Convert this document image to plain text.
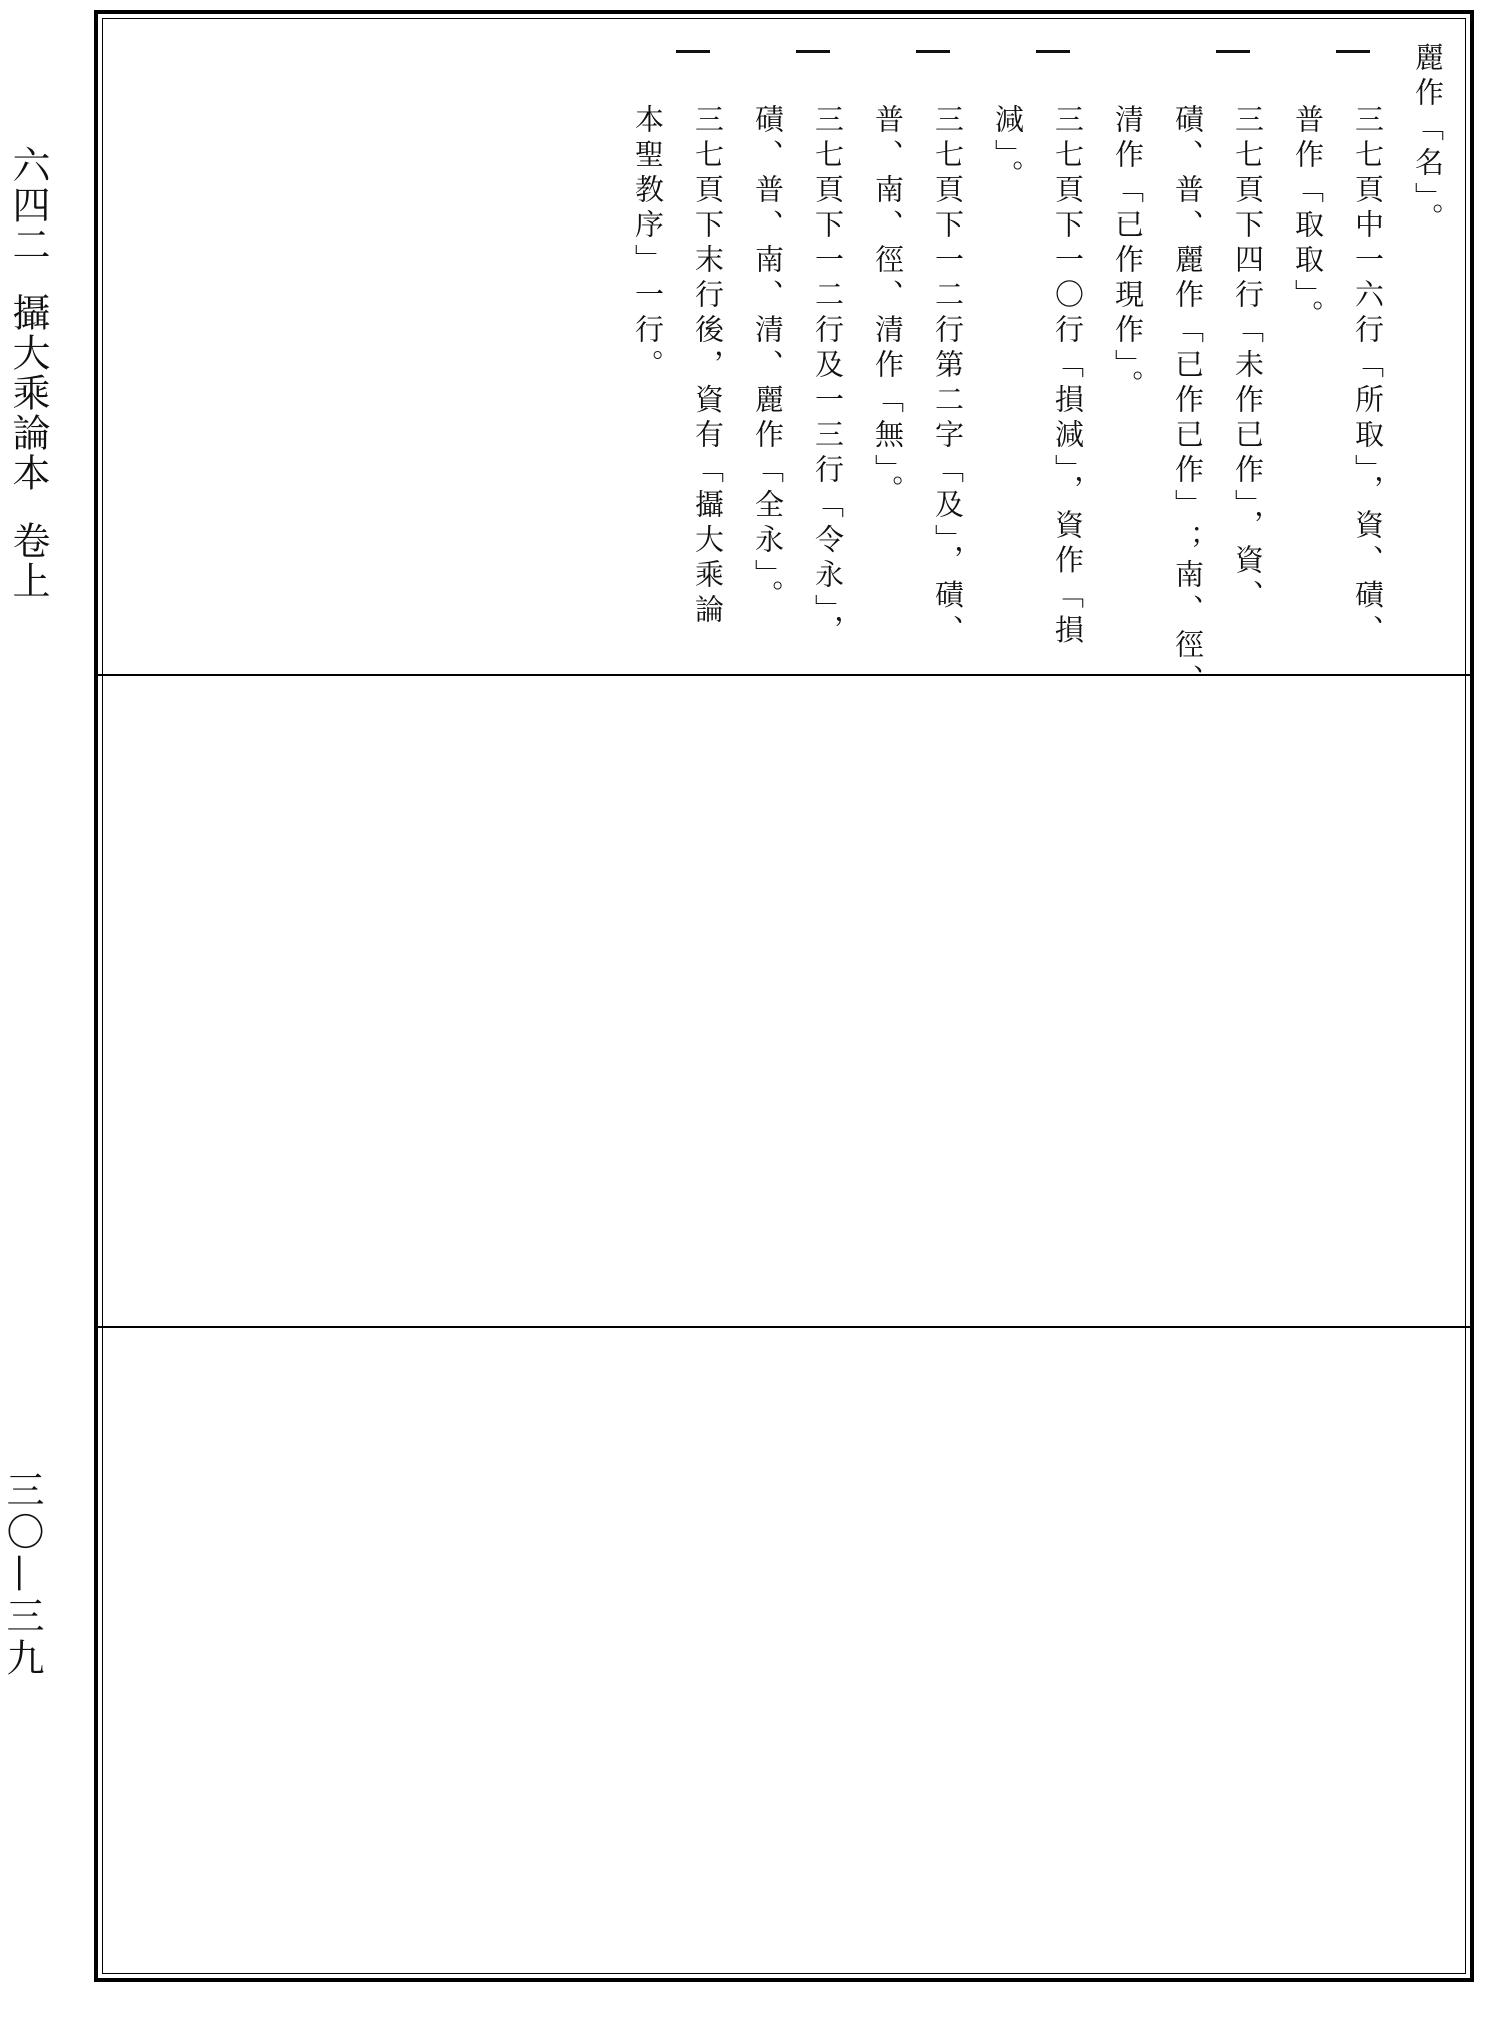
六四二攝大乘論本卷上
三〇—三九
麗作「名」。
三七頁中一六行「所取」，資、磧、
普作「取取」。
三七頁下四行「未作已作」，資、
磧、普、麗作「已作已作」；南、徑、
清作「已作現作」。
三七頁下一〇行「損減」，資作「損
減」。
三七頁下一二行第二字「及」，磧、
普、南、徑、清作「無」。
三七頁下一二行及一三行「令永」，
磧、普、南、清、麗作「全永」。
三七頁下末行後，資有「攝大乘論
本聖教序」一行。
